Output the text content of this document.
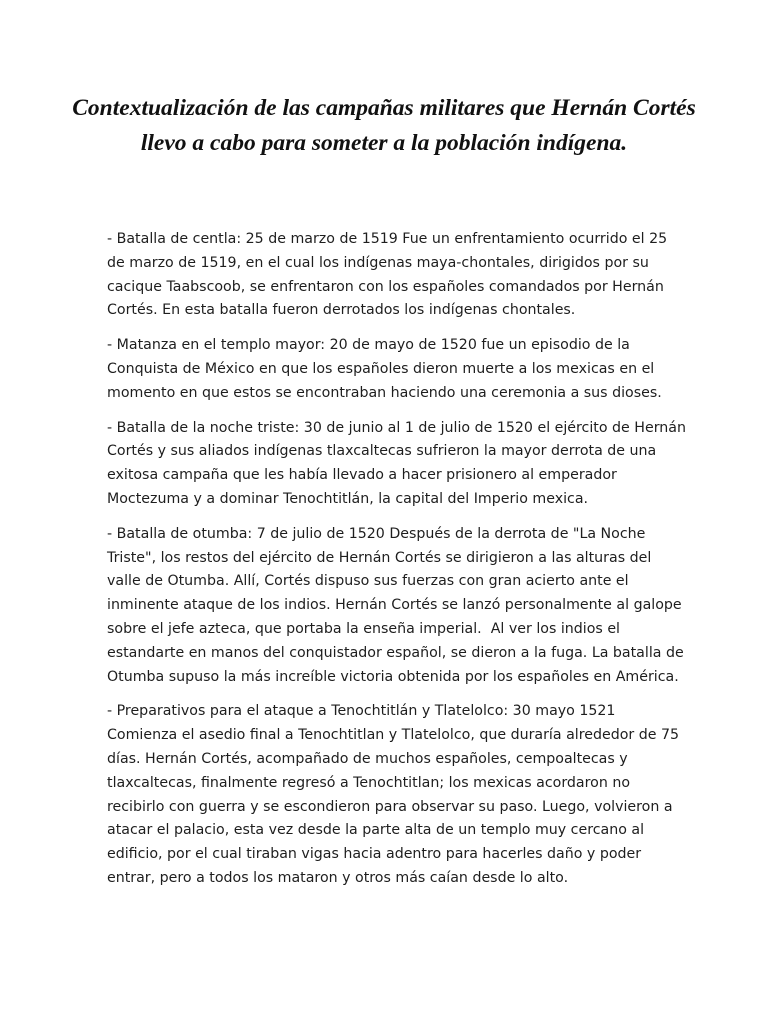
Contextualización de las campañas militares que Hernán Cortés llevo a cabo para someter a la población indígena.

- Batalla de centla: 25 de marzo de 1519 Fue un enfrentamiento ocurrido el 25 de marzo de 1519, en el cual los indígenas maya-chontales, dirigidos por su cacique Taabscoob, se enfrentaron con los españoles comandados por Hernán Cortés. En esta batalla fueron derrotados los indígenas chontales.

- Matanza en el templo mayor: 20 de mayo de 1520 fue un episodio de la Conquista de México en que los españoles dieron muerte a los mexicas en el momento en que estos se encontraban haciendo una ceremonia a sus dioses.

- Batalla de la noche triste: 30 de junio al 1 de julio de 1520 el ejército de Hernán Cortés y sus aliados indígenas tlaxcaltecas sufrieron la mayor derrota de una exitosa campaña que les había llevado a hacer prisionero al emperador Moctezuma y a dominar Tenochtitlán, la capital del Imperio mexica.

- Batalla de otumba: 7 de julio de 1520 Después de la derrota de "La Noche Triste", los restos del ejército de Hernán Cortés se dirigieron a las alturas del valle de Otumba. Allí, Cortés dispuso sus fuerzas con gran acierto ante el inminente ataque de los indios. Hernán Cortés se lanzó personalmente al galope sobre el jefe azteca, que portaba la enseña imperial.  Al ver los indios el estandarte en manos del conquistador español, se dieron a la fuga. La batalla de Otumba supuso la más increíble victoria obtenida por los españoles en América.

- Preparativos para el ataque a Tenochtitlán y Tlatelolco: 30 mayo 1521 Comienza el asedio final a Tenochtitlan y Tlatelolco, que duraría alrededor de 75 días. Hernán Cortés, acompañado de muchos españoles, cempoaltecas y tlaxcaltecas, finalmente regresó a Tenochtitlan; los mexicas acordaron no recibirlo con guerra y se escondieron para observar su paso. Luego, volvieron a atacar el palacio, esta vez desde la parte alta de un templo muy cercano al edificio, por el cual tiraban vigas hacia adentro para hacerles daño y poder entrar, pero a todos los mataron y otros más caían desde lo alto.
